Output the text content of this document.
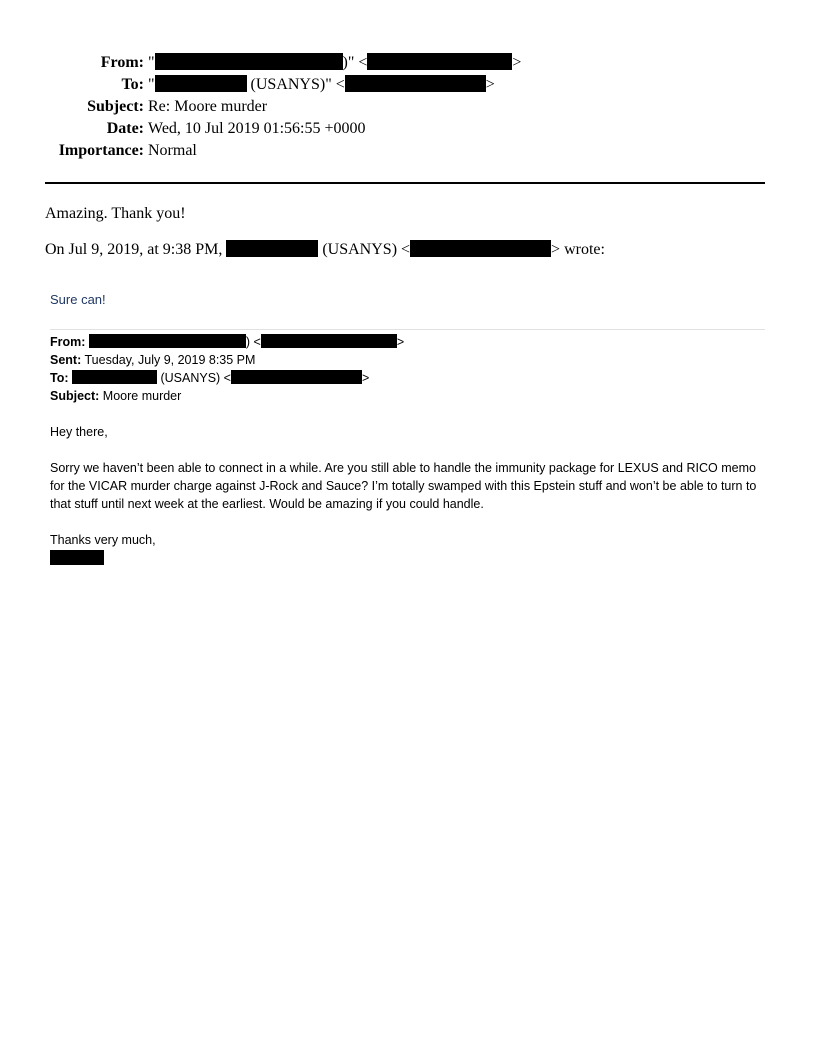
From: "	)" <	>
To: "	(USANYS)" <	>
Subject: Re: Moore murder
Date: Wed, 10 Jul 2019 01:56:55 +0000
Importance: Normal
Amazing. Thank you!
On Jul 9, 2019, at 9:38 PM,	(USANYS) <	> wrote:
Sure can!
From:	) <	>
Sent: Tuesday, July 9, 2019 8:35 PM
To:	(USANYS) <	>
Subject: Moore murder

Hey there,

Sorry we haven’t been able to connect in a while. Are you still able to handle the immunity package for LEXUS and RICO memo for the VICAR murder charge against J-Rock and Sauce? I’m totally swamped with this Epstein stuff and won’t be able to turn to that stuff until next week at the earliest. Would be amazing if you could handle.

Thanks very much,
